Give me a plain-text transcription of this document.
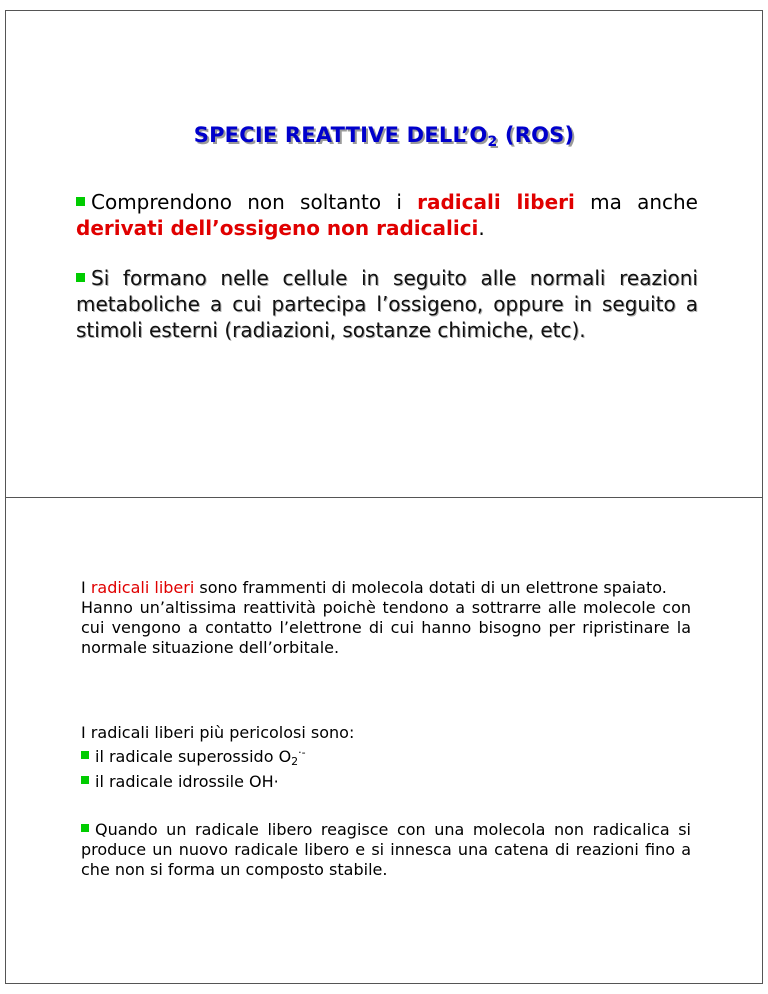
SPECIE REATTIVE $DELL’O_2$ (ROS)
Comprendono non soltanto i radicali liberi ma anche derivati dell’ossigeno non radicalici.
Si formano nelle cellule in seguito alle normali reazioni metaboliche a cui partecipa l’ossigeno, oppure in seguito a stimoli esterni (radiazioni, sostanze chimiche, etc).
I radicali liberi sono frammenti di molecola dotati di un elettrone spaiato.
Hanno un’altissima reattività poichè tendono a sottrarre alle molecole con cui vengono a contatto l’elettrone di cui hanno bisogno per ripristinare la normale situazione dell’orbitale.
I radicali liberi più pericolosi sono:
il radicale superossido O2·-
il radicale idrossile OH·
Quando un radicale libero reagisce con una molecola non radicalica si produce un nuovo radicale libero e si innesca una catena di reazioni fino a che non si forma un composto stabile.
